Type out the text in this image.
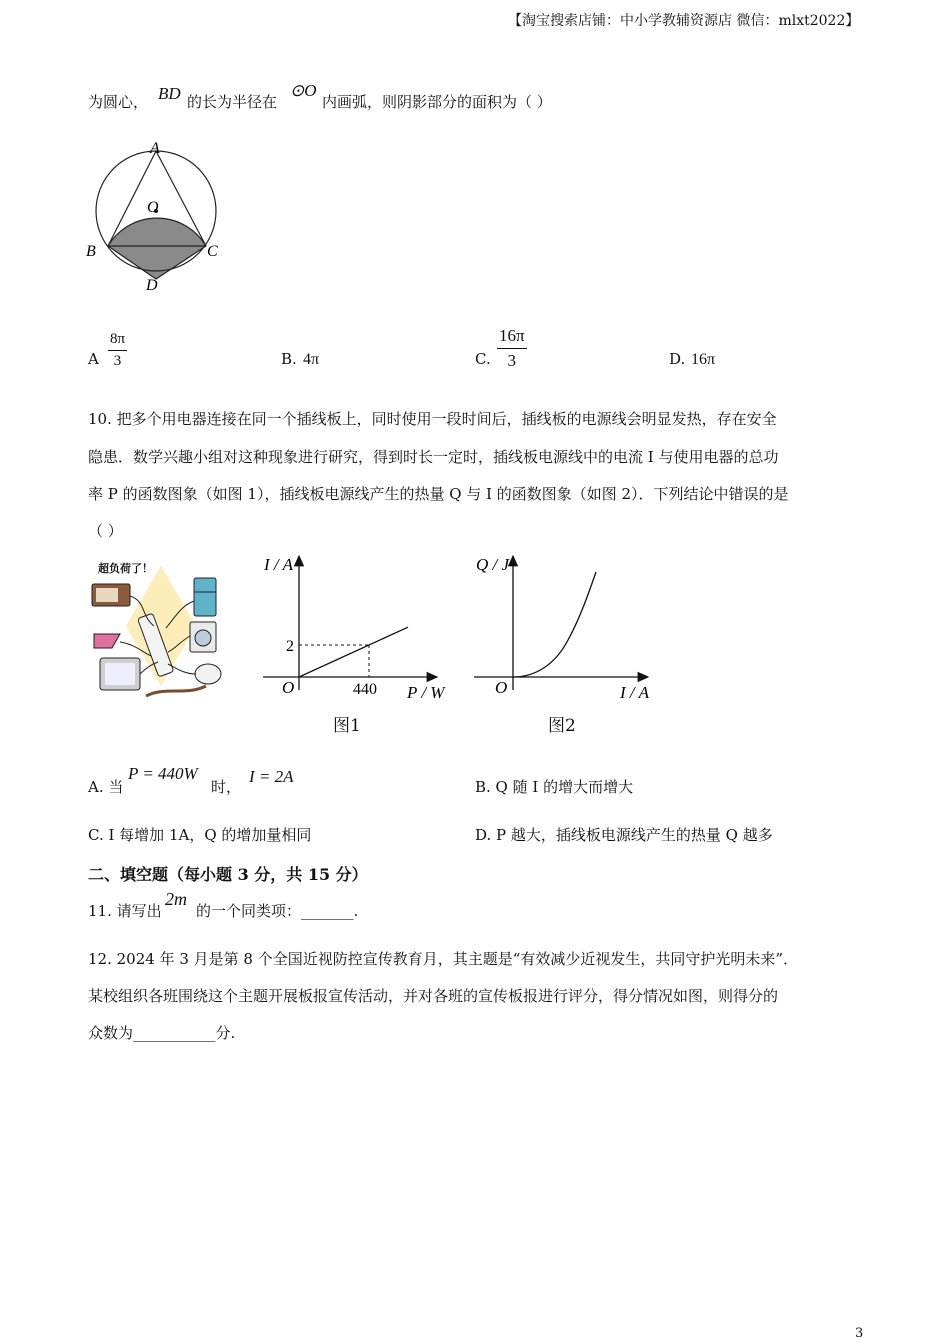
【淘宝搜索店铺：中小学教辅资源店 微信：mlxt2022】
为圆心， BD 的长为半径在
⊙O
内画弧，则阴影部分的面积为（ ）
A
O
B	C
D
A
8π
3	B. 4π	C.
16π
3	D. 16π
10. 把多个用电器连接在同一个插线板上，同时使用一段时间后，插线板的电源线会明显发热，存在安全
隐患．数学兴趣小组对这种现象进行研究，得到时长一定时，插线板电源线中的电流 I 与使用电器的总功
率 P 的函数图象（如图 1），插线板电源线产生的热量 Q 与 I 的函数图象（如图 2）．下列结论中错误的是
（ ）
超负荷了！	I / A
P / W
O
2
440
图1
Q / J
I / A
O
图2
A. 当
P = 440W
时，
I = 2A
B. Q 随 I 的增大而增大
C. I 每增加 1A，Q 的增加量相同	D. P 越大，插线板电源线产生的热量 Q 越多
二、填空题（每小题 3 分，共 15 分）
11. 请写出
2m
的一个同类项：_______.
12. 2024 年 3 月是第 8 个全国近视防控宣传教育月，其主题是“有效减少近视发生，共同守护光明未来”．
某校组织各班围绕这个主题开展板报宣传活动，并对各班的宣传板报进行评分，得分情况如图，则得分的
众数为___________分.
3
